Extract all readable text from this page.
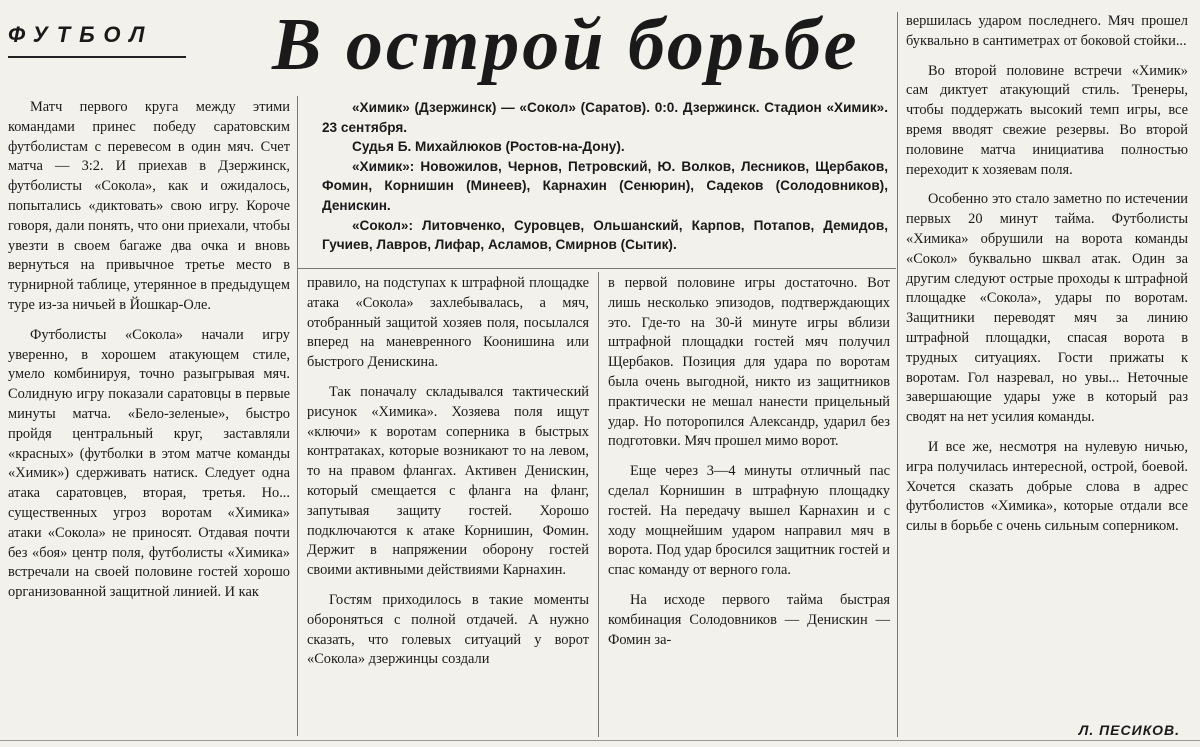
ФУТБОЛ	В острой борьбе

«Химик» (Дзержинск) — «Сокол» (Саратов). 0:0. Дзержинск. Стадион «Химик». 23 сентября.

Судья Б. Михайлюков (Ростов-на-Дону).

«Химик»: Новожилов, Чернов, Петровский, Ю. Волков, Лесников, Щербаков, Фомин, Корнишин (Минеев), Карнахин (Сенюрин), Садеков (Солодовников), Денискин.

«Сокол»: Литовченко, Суровцев, Ольшанский, Карпов, Потапов, Демидов, Гучиев, Лавров, Лифар, Асламов, Смирнов (Сытик).

Матч первого круга между этими командами принес победу саратовским футболистам с перевесом в один мяч. Счет матча — 3:2. И приехав в Дзержинск, футболисты «Сокола», как и ожидалось, попытались «диктовать» свою игру. Короче говоря, дали понять, что они приехали, чтобы увезти в своем багаже два очка и вновь вернуться на привычное третье место в турнирной таблице, утерянное в предыдущем туре из-за ничьей в Йошкар-Оле.

Футболисты «Сокола» начали игру уверенно, в хорошем атакующем стиле, умело комбинируя, точно разыгрывая мяч. Солидную игру показали саратовцы в первые минуты матча. «Бело-зеленые», быстро пройдя центральный круг, заставляли «красных» (футболки в этом матче команды «Химик») сдерживать натиск. Следует одна атака саратовцев, вторая, третья. Но... существенных угроз воротам «Химика» атаки «Сокола» не приносят. Отдавая почти без «боя» центр поля, футболисты «Химика» встречали на своей половине гостей хорошо организованной защитной линией. И как

правило, на подступах к штрафной площадке атака «Сокола» захлебывалась, а мяч, отобранный защитой хозяев поля, посылался вперед на маневренного Коонишина или быстрого Денискина.

Так поначалу складывался тактический рисунок «Химика». Хозяева поля ищут «ключи» к воротам соперника в быстрых контратаках, которые возникают то на левом, то на правом флангах. Активен Денискин, который смещается с фланга на фланг, запутывая защиту гостей. Хорошо подключаются к атаке Корнишин, Фомин. Держит в напряжении оборону гостей своими активными действиями Карнахин.

Гостям приходилось в такие моменты обороняться с полной отдачей. А нужно сказать, что голевых ситуаций у ворот «Сокола» дзержинцы создали

в первой половине игры достаточно. Вот лишь несколько эпизодов, подтверждающих это. Где-то на 30-й минуте игры вблизи штрафной площадки гостей мяч получил Щербаков. Позиция для удара по воротам была очень выгодной, никто из защитников практически не мешал нанести прицельный удар. Но поторопился Александр, ударил без подготовки. Мяч прошел мимо ворот.

Еще через 3—4 минуты отличный пас сделал Корнишин в штрафную площадку гостей. На передачу вышел Карнахин и с ходу мощнейшим ударом направил мяч в ворота. Под удар бросился защитник гостей и спас команду от верного гола.

На исходе первого тайма быстрая комбинация Солодовников — Денискин — Фомин за-

вершилась ударом последнего. Мяч прошел буквально в сантиметрах от боковой стойки...

Во второй половине встречи «Химик» сам диктует атакующий стиль. Тренеры, чтобы поддержать высокий темп игры, все время вводят свежие резервы. Во второй половине матча инициатива полностью переходит к хозяевам поля.

Особенно это стало заметно по истечении первых 20 минут тайма. Футболисты «Химика» обрушили на ворота команды «Сокол» буквально шквал атак. Один за другим следуют острые проходы к штрафной площадке «Сокола», удары по воротам. Защитники переводят мяч за линию штрафной площадки, спасая ворота в трудных ситуациях. Гости прижаты к воротам. Гол назревал, но увы... Неточные завершающие удары уже в который раз сводят на нет усилия команды.

И все же, несмотря на нулевую ничью, игра получилась интересной, острой, боевой. Хочется сказать добрые слова в адрес футболистов «Химика», которые отдали все силы в борьбе с очень сильным соперником.

Л. ПЕСИКОВ.
